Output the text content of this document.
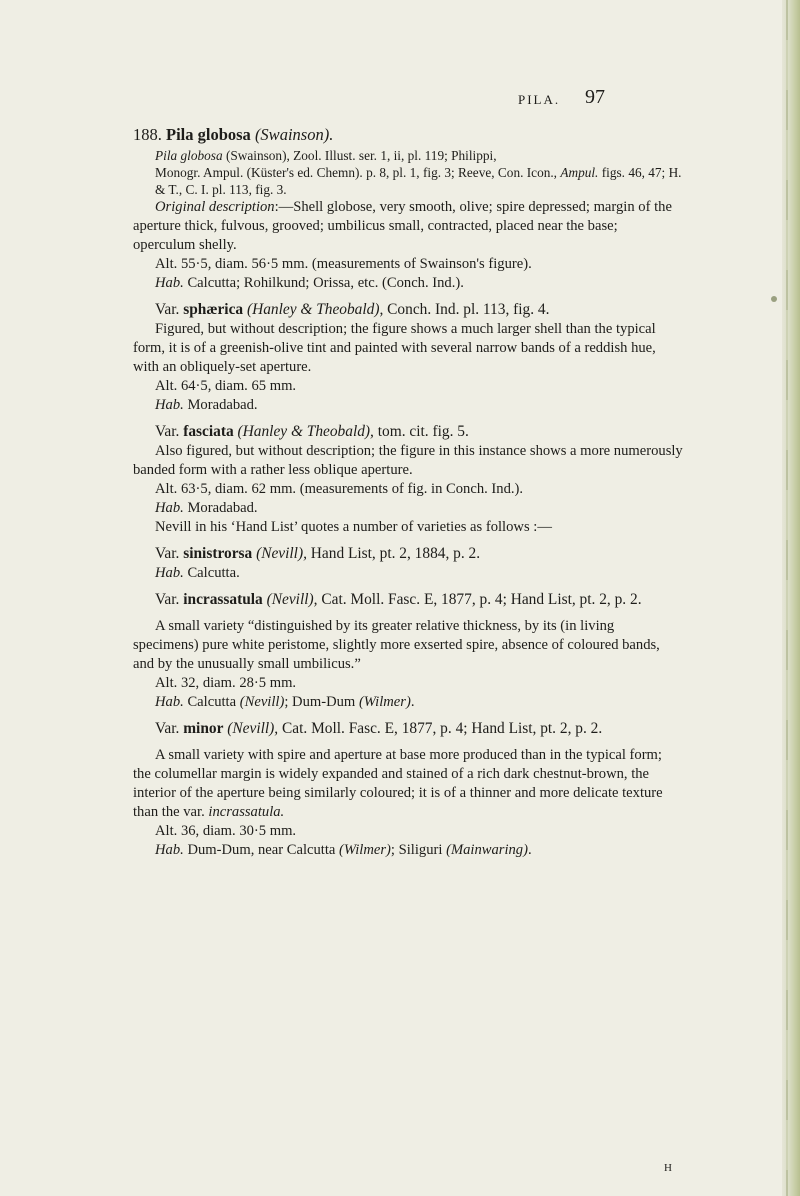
PILA. 97

188. Pila globosa (Swainson).

Pila globosa (Swainson), Zool. Illust. ser. 1, ii, pl. 119; Philippi,
Monogr. Ampul. (Küster's ed. Chemn). p. 8, pl. 1, fig. 3; Reeve, Con. Icon., Ampul. figs. 46, 47; H. & T., C. I. pl. 113, fig. 3.

Original description:—Shell globose, very smooth, olive; spire depressed; margin of the aperture thick, fulvous, grooved; umbilicus small, contracted, placed near the base; operculum shelly.

Alt. 55·5, diam. 56·5 mm. (measurements of Swainson's figure).

Hab. Calcutta; Rohilkund; Orissa, etc. (Conch. Ind.).

Var. sphærica (Hanley & Theobald), Conch. Ind. pl. 113, fig. 4.

Figured, but without description; the figure shows a much larger shell than the typical form, it is of a greenish-olive tint and painted with several narrow bands of a reddish hue, with an obliquely-set aperture.

Alt. 64·5, diam. 65 mm.

Hab. Moradabad.

Var. fasciata (Hanley & Theobald), tom. cit. fig. 5.

Also figured, but without description; the figure in this instance shows a more numerously banded form with a rather less oblique aperture.

Alt. 63·5, diam. 62 mm. (measurements of fig. in Conch. Ind.).

Hab. Moradabad.

Nevill in his ‘Hand List’ quotes a number of varieties as follows :—

Var. sinistrorsa (Nevill), Hand List, pt. 2, 1884, p. 2.

Hab. Calcutta.

Var. incrassatula (Nevill), Cat. Moll. Fasc. E, 1877, p. 4; Hand List, pt. 2, p. 2.

A small variety “distinguished by its greater relative thickness, by its (in living specimens) pure white peristome, slightly more exserted spire, absence of coloured bands, and by the unusually small umbilicus.”

Alt. 32, diam. 28·5 mm.

Hab. Calcutta (Nevill); Dum-Dum (Wilmer).

Var. minor (Nevill), Cat. Moll. Fasc. E, 1877, p. 4; Hand List, pt. 2, p. 2.

A small variety with spire and aperture at base more produced than in the typical form; the columellar margin is widely expanded and stained of a rich dark chestnut-brown, the interior of the aperture being similarly coloured; it is of a thinner and more delicate texture than the var. incrassatula.

Alt. 36, diam. 30·5 mm.

Hab. Dum-Dum, near Calcutta (Wilmer); Siliguri (Mainwaring).

H
